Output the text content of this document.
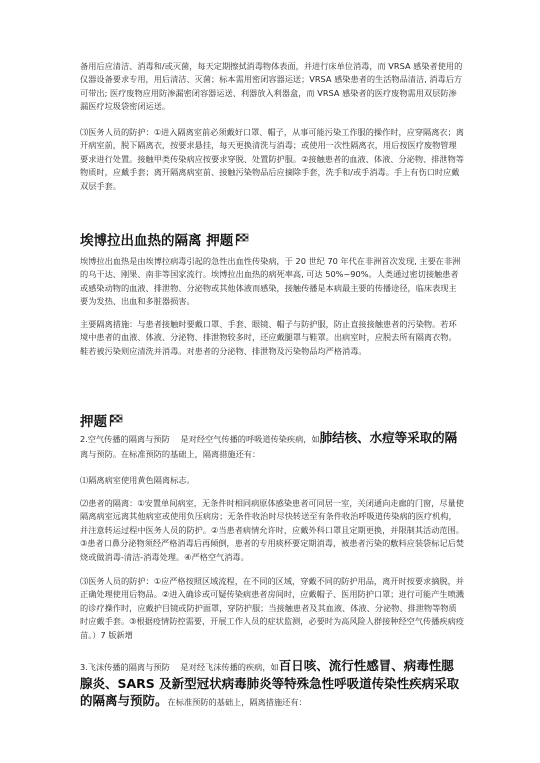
备用后应清洁、消毒和/或灭菌，每天定期擦拭消毒物体表面，并进行床单位消毒，而 VRSA 感染者使用的仪器设备要求专用，用后清洁、灭菌；标本需用密闭容器运送；VRSA 感染患者的生活物品清洁, 消毒后方可带出; 医疗废物应用防渗漏密闭容器运送、利器放入利器盒，而 VRSA 感染者的医疗废物需用双层防渗漏医疗垃圾袋密闭运送。

⑶医务人员的防护：①进入隔离室前必须戴好口罩、帽子，从事可能污染工作服的操作时，应穿隔离衣；离开病室前，脱下隔离衣，按要求悬挂，每天更换清洗与消毒；或使用一次性隔离衣，用后按医疗废物管理要求进行处置。接触甲类传染病应按要求穿脱、处置防护服。②接触患者的血液、体液、分泌物、排泄物等物质时，应戴手套；离开隔离病室前、接触污染物品后应摘除手套，洗手和/或手消毒。手上有伤口时应戴双层手套。

埃博拉出血热的隔离 押题

埃博拉出血热是由埃博拉病毒引起的急性出血性传染病，于 20 世纪 70 年代在非洲首次发现, 主要在非洲的乌干达、刚果、南非等国家流行。埃博拉出血热的病死率高, 可达 50%~90%。人类通过密切接触患者或感染动物的血液、排泄物、分泌物或其他体液而感染，接触传播是本病最主要的传播途径，临床表现主要为发热、出血和多脏器损害。

主要隔离措施：与患者接触时要戴口罩、手套、眼镜、帽子与防护服，防止直接接触患者的污染物。若环境中患者的血液、体液、分泌物、排泄物较多时，还应戴腿罩与鞋罩。出病室时，应脱去所有隔离衣物。鞋若被污染则应清洗并消毒。对患者的分泌物、排泄物及污染物品均严格消毒。

押题

2.空气传播的隔离与预防　 是对经空气传播的呼吸道传染疾病，如肺结核、水痘等采取的隔离与预防。在标准预防的基础上，隔离措施还有：

⑴隔离病室使用黄色隔离标志。

⑵患者的隔离：①安置单间病室，无条件时相同病原体感染患者可同居一室，关闭通向走廊的门窗，尽量使隔离病室远离其他病室或使用负压病房；无条件收治时尽快转送至有条件收治呼吸道传染病的医疗机构，并注意转运过程中医务人员的防护。②当患者病情允许时，应戴外科口罩且定期更换，并限制其活动范围。③患者口鼻分泌物须经严格消毒后再倾倒，患者的专用痰杯要定期消毒，被患者污染的敷料应装袋标记后焚烧或做消毒-清洁-消毒处理。④严格空气消毒。

⑶医务人员的防护：①应严格按照区域流程，在不同的区域，穿戴不同的防护用品，离开时按要求摘脱，并正确处理使用后物品。②进入确诊或可疑传染病患者房间时，应戴帽子、医用防护口罩；进行可能产生喷溅的诊疗操作时，应戴护目镜或防护面罩，穿防护服；当接触患者及其血液、体液、分泌物、排泄物等物质时应戴手套。③根据疫情防控需要，开展工作人员的症状监测，必要时为高风险人群接种经空气传播疾病疫苗。）7 版新增

3.飞沫传播的隔离与预防　 是对经飞沫传播的疾病，如百日咳、流行性感冒、病毒性腮腺炎、SARS 及新型冠状病毒肺炎等特殊急性呼吸道传染性疾病采取的隔离与预防。在标准预防的基础上，隔离措施还有：
